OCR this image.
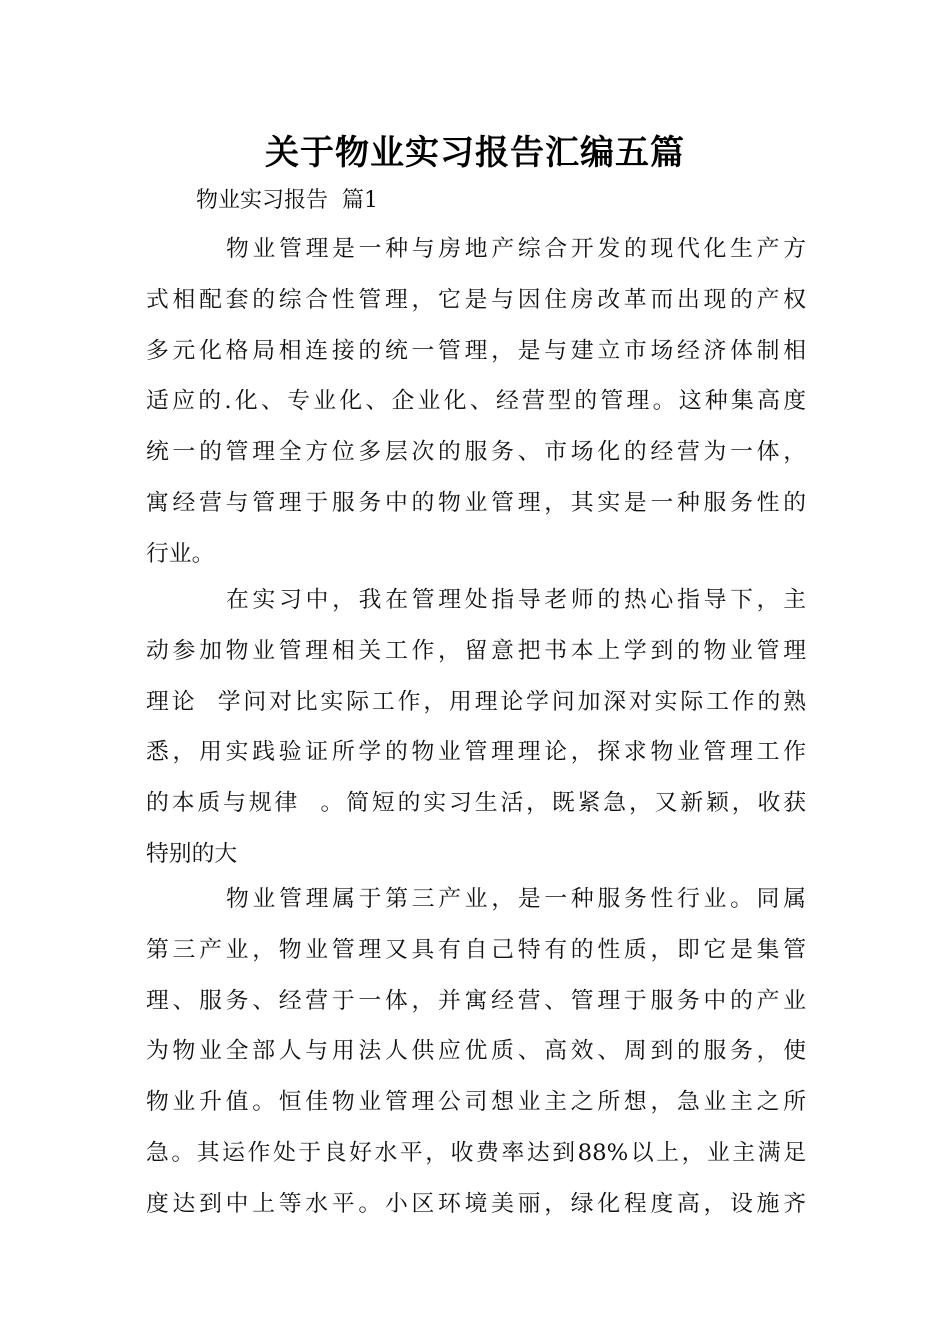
关于物业实习报告汇编五篇
物业实习报告  篇1
物业管理是一种与房地产综合开发的现代化生产方
式相配套的综合性管理，它是与因住房改革而出现的产权
多元化格局相连接的统一管理，是与建立市场经济体制相
适应的.化、专业化、企业化、经营型的管理。这种集高度
统一的管理全方位多层次的服务、市场化的经营为一体，
寓经营与管理于服务中的物业管理，其实是一种服务性的
行业。
在实习中，我在管理处指导老师的热心指导下，主
动参加物业管理相关工作，留意把书本上学到的物业管理
理论  学问对比实际工作，用理论学问加深对实际工作的熟
悉，用实践验证所学的物业管理理论，探求物业管理工作
的本质与规律  。简短的实习生活，既紧急，又新颖，收获
特别的大
物业管理属于第三产业，是一种服务性行业。同属
第三产业，物业管理又具有自己特有的性质，即它是集管
理、服务、经营于一体，并寓经营、管理于服务中的产业
为物业全部人与用法人供应优质、高效、周到的服务，使
物业升值。恒佳物业管理公司想业主之所想，急业主之所
急。其运作处于良好水平，收费率达到88%以上，业主满足
度达到中上等水平。小区环境美丽，绿化程度高，设施齐
